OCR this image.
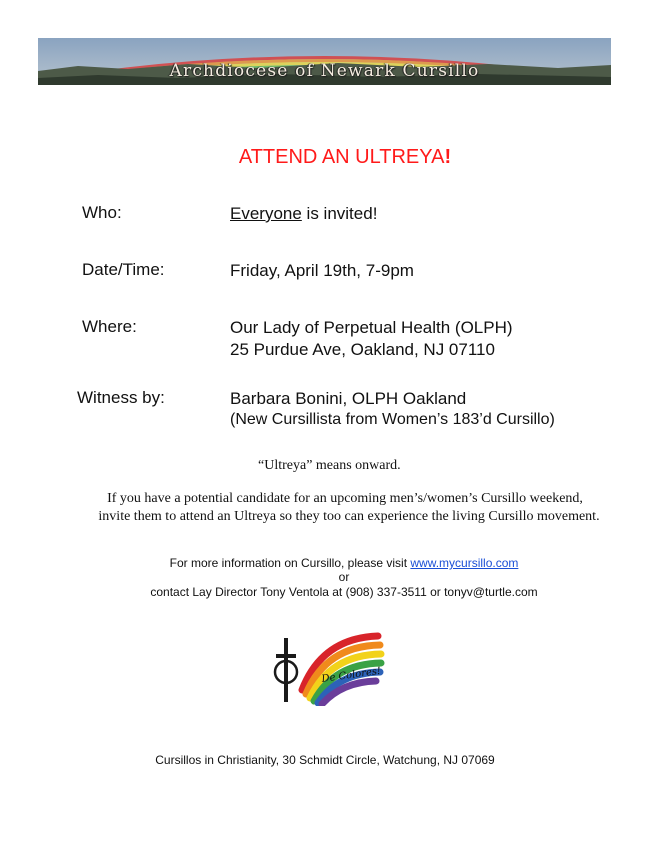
Archdiocese of Newark Cursillo
ATTEND AN ULTREYA!
Who:	Everyone is invited!
Date/Time:	Friday, April 19th, 7-9pm
Where:	Our Lady of Perpetual Health (OLPH)
25 Purdue Ave, Oakland, NJ 07110
Witness by:	Barbara Bonini, OLPH Oakland
(New Cursillista from Women’s 183’d Cursillo)
“Ultreya” means onward.
If you have a potential candidate for an upcoming men’s/women’s Cursillo weekend,
invite them to attend an Ultreya so they too can experience the living Cursillo movement.
For more information on Cursillo, please visit www.mycursillo.com
or
contact Lay Director Tony Ventola at (908) 337-3511 or tonyv@turtle.com
De Colores!
Cursillos in Christianity, 30 Schmidt Circle, Watchung, NJ 07069
